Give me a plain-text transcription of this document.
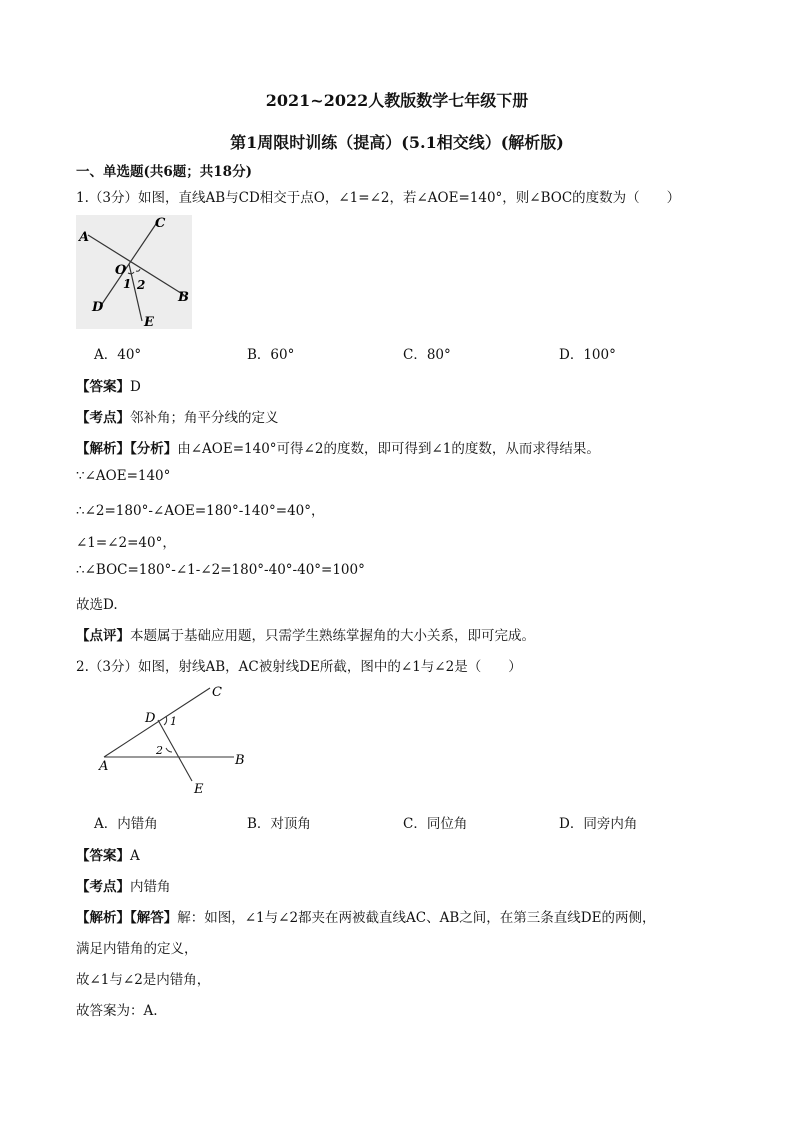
2021~2022人教版数学七年级下册
第1周限时训练（提高）(5.1相交线）(解析版)
一、单选题(共6题；共18分)
1.（3分）如图，直线AB与CD相交于点O，∠1=∠2，若∠AOE=140°，则∠BOC的度数为（　　）
A
C
O
1 2
B
D
E
A．40°	B．60°	C．80°	D．100°
【答案】D
【考点】邻补角；角平分线的定义
【解析】【分析】由∠AOE=140°可得∠2的度数，即可得到∠1的度数，从而求得结果。
∵∠AOE=140°
∴∠2=180°-∠AOE=180°-140°=40°，
∠1=∠2=40°，
∴∠BOC=180°-∠1-∠2=180°-40°-40°=100°
故选D.
【点评】本题属于基础应用题，只需学生熟练掌握角的大小关系，即可完成。
2.（3分）如图，射线AB，AC被射线DE所截，图中的∠1与∠2是（　　）
C
D 1
2
A	B
E
A．内错角	B．对顶角	C．同位角	D．同旁内角
【答案】A
【考点】内错角
【解析】【解答】解：如图，∠1与∠2都夹在两被截直线AC、AB之间，在第三条直线DE的两侧，
满足内错角的定义，
故∠1与∠2是内错角，
故答案为：A.
